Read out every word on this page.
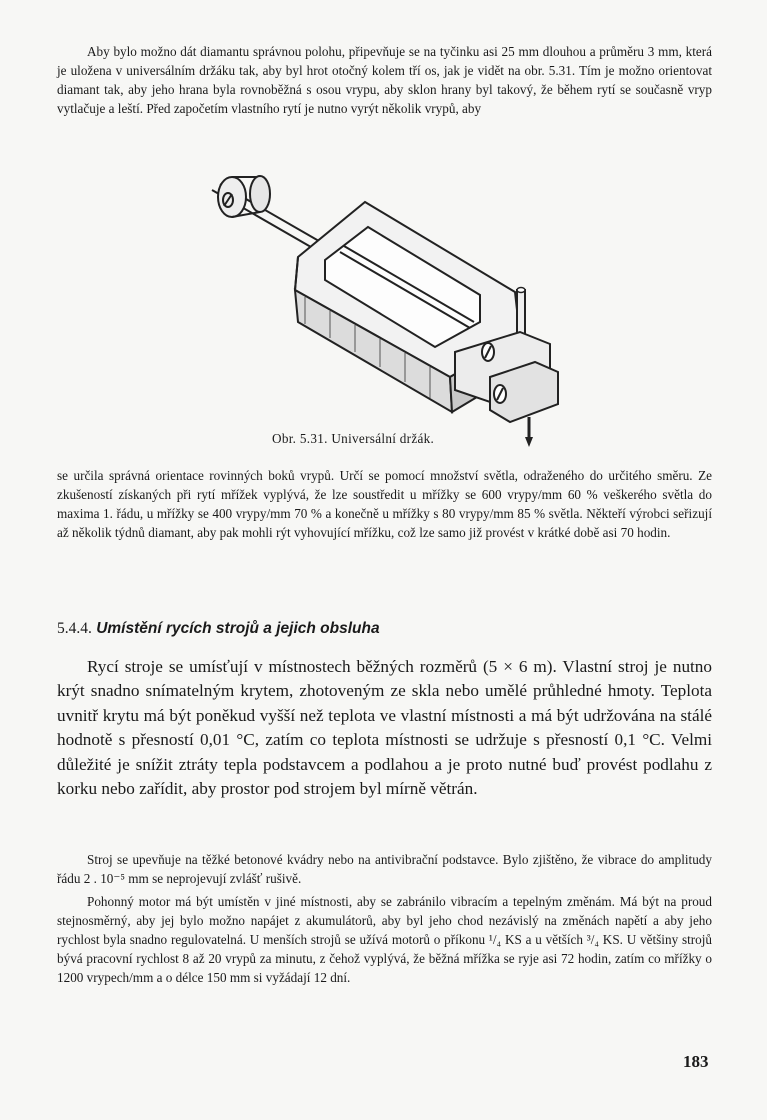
Aby bylo možno dát diamantu správnou polohu, připevňuje se na tyčinku asi 25 mm dlouhou a průměru 3 mm, která je uložena v universálním držáku tak, aby byl hrot otočný kolem tří os, jak je vidět na obr. 5.31. Tím je možno orientovat diamant tak, aby jeho hrana byla rovnoběžná s osou vrypu, aby sklon hrany byl takový, že během rytí se současně vryp vytlačuje a leští. Před započetím vlastního rytí je nutno vyrýt několik vrypů, aby

Obr. 5.31. Universální držák.

se určila správná orientace rovinných boků vrypů. Určí se pomocí množství světla, odraženého do určitého směru. Ze zkušeností získaných při rytí mřížek vyplývá, že lze soustředit u mřížky se 600 vrypy/mm 60 % veškerého světla do maxima 1. řádu, u mřížky se 400 vrypy/mm 70 % a konečně u mřížky s 80 vrypy/mm 85 % světla. Někteří výrobci seřizují až několik týdnů diamant, aby pak mohli rýt vyhovující mřížku, což lze samo již provést v krátké době asi 70 hodin.

5.4.4. Umístění rycích strojů a jejich obsluha

Rycí stroje se umísťují v místnostech běžných rozměrů (5 × 6 m). Vlastní stroj je nutno krýt snadno snímatelným krytem, zhotoveným ze skla nebo umělé průhledné hmoty. Teplota uvnitř krytu má být poněkud vyšší než teplota ve vlastní místnosti a má být udržována na stálé hodnotě s přesností 0,01 °C, zatím co teplota místnosti se udržuje s přesností 0,1 °C. Velmi důležité je snížit ztráty tepla podstavcem a podlahou a je proto nutné buď provést podlahu z korku nebo zařídit, aby prostor pod strojem byl mírně větrán.

Stroj se upevňuje na těžké betonové kvádry nebo na antivibrační podstavce. Bylo zjištěno, že vibrace do amplitudy řádu 2 . 10⁻⁵ mm se neprojevují zvlášť rušivě.

Pohonný motor má být umístěn v jiné místnosti, aby se zabránilo vibracím a tepelným změnám. Má být na proud stejnosměrný, aby jej bylo možno napájet z akumulátorů, aby byl jeho chod nezávislý na změnách napětí a aby jeho rychlost byla snadno regulovatelná. U menších strojů se užívá motorů o příkonu ¹/₄ KS a u větších ³/₄ KS. U většiny strojů bývá pracovní rychlost 8 až 20 vrypů za minutu, z čehož vyplývá, že běžná mřížka se ryje asi 72 hodin, zatím co mřížky o 1200 vrypech/mm a o délce 150 mm si vyžádají 12 dní.

183
